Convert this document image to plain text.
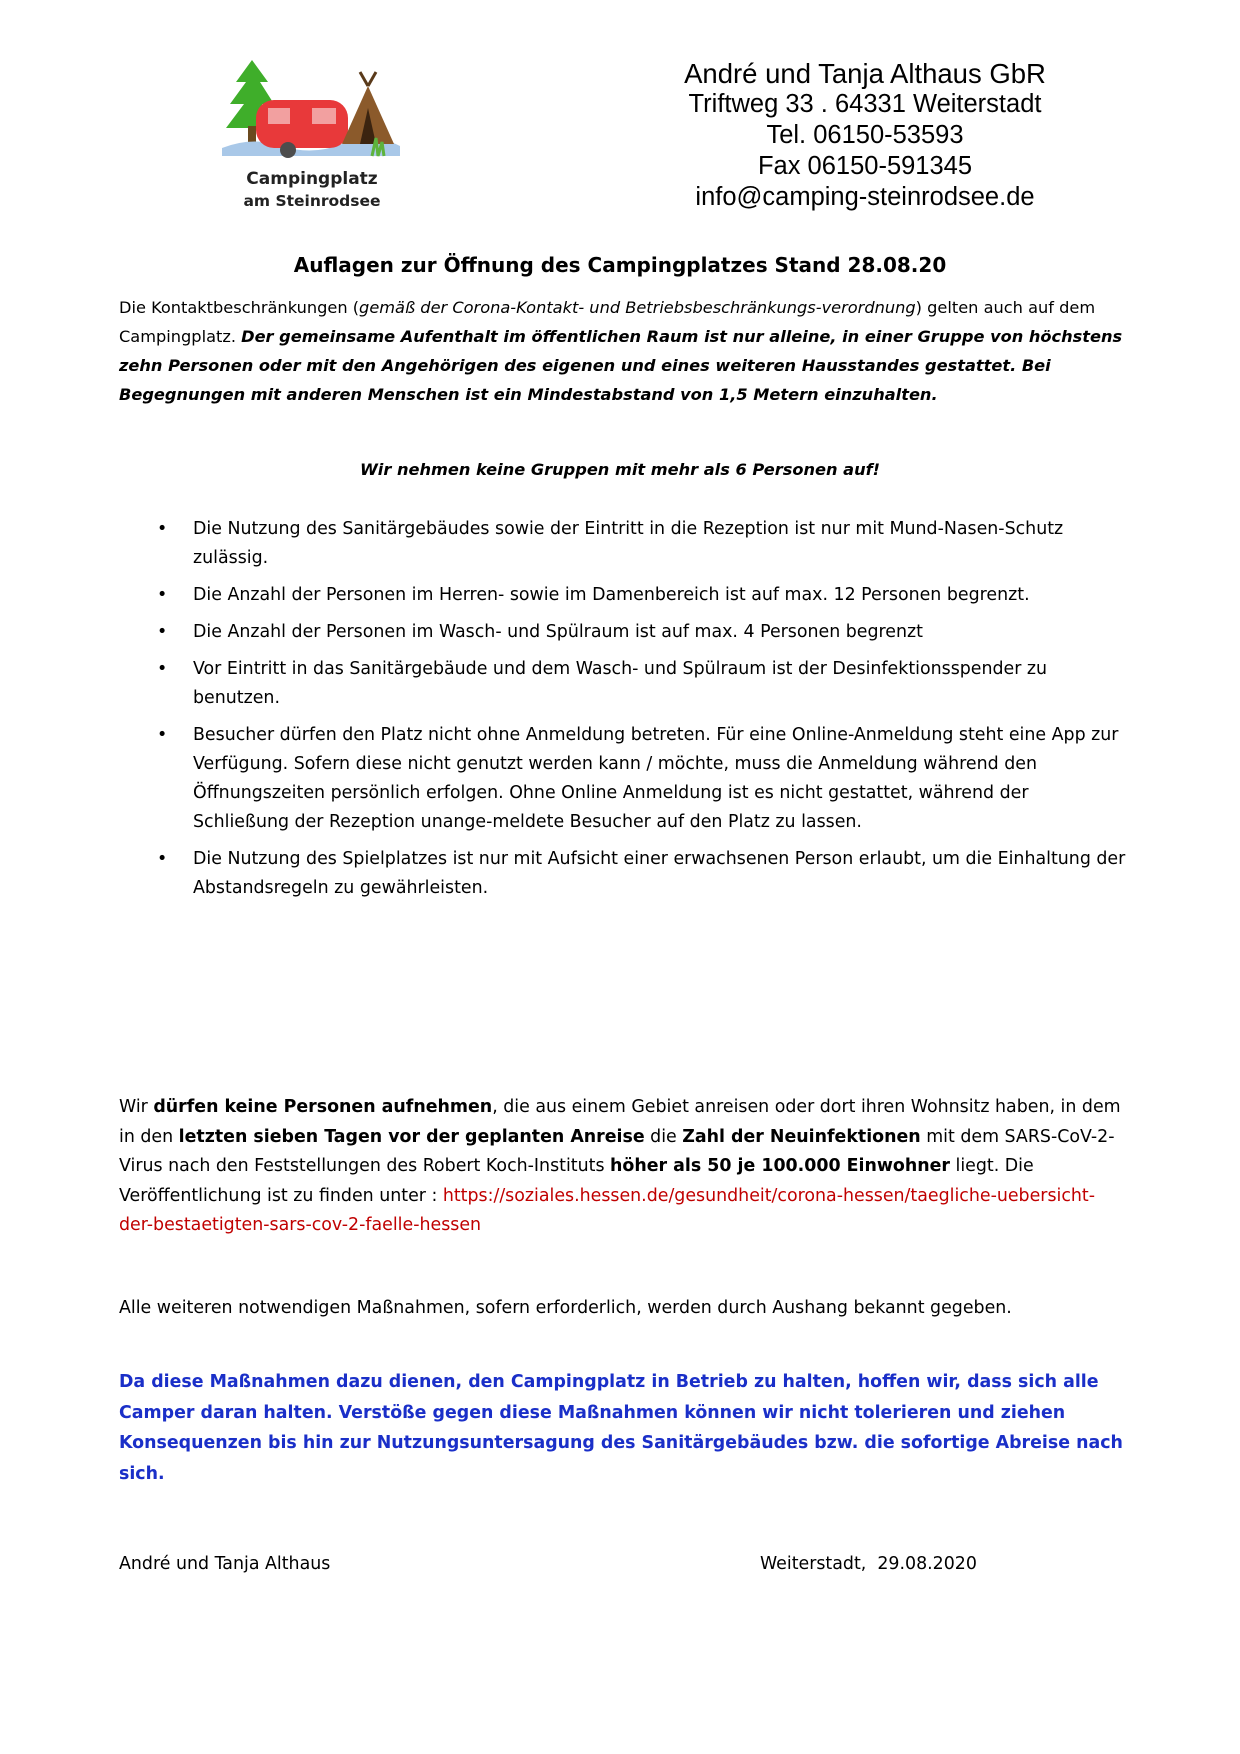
Campingplatz
am Steinrodsee
André und Tanja Althaus GbR
Triftweg 33 . 64331 Weiterstadt
Tel. 06150-53593
Fax 06150-591345
info@camping-steinrodsee.de
Auflagen zur Öffnung des Campingplatzes Stand 28.08.20
Die Kontaktbeschränkungen (gemäß der Corona-Kontakt- und Betriebsbeschränkungs-verordnung) gelten auch auf dem Campingplatz. Der gemeinsame Aufenthalt im öffentlichen Raum ist nur alleine, in einer Gruppe von höchstens zehn Personen oder mit den Angehörigen des eigenen und eines weiteren Hausstandes gestattet. Bei Begegnungen mit anderen Menschen ist ein Mindestabstand von 1,5 Metern einzuhalten.
Wir nehmen keine Gruppen mit mehr als 6 Personen auf!
• Die Nutzung des Sanitärgebäudes sowie der Eintritt in die Rezeption ist nur mit Mund-Nasen-Schutz zulässig.
• Die Anzahl der Personen im Herren- sowie im Damenbereich ist auf max. 12 Personen begrenzt.
• Die Anzahl der Personen im Wasch- und Spülraum ist auf max. 4 Personen begrenzt
• Vor Eintritt in das Sanitärgebäude und dem Wasch- und Spülraum ist der Desinfektionsspender zu benutzen.
• Besucher dürfen den Platz nicht ohne Anmeldung betreten. Für eine Online-Anmeldung steht eine App zur Verfügung. Sofern diese nicht genutzt werden kann / möchte, muss die Anmeldung während den Öffnungszeiten persönlich erfolgen. Ohne Online Anmeldung ist es nicht gestattet, während der Schließung der Rezeption unange-meldete Besucher auf den Platz zu lassen.
• Die Nutzung des Spielplatzes ist nur mit Aufsicht einer erwachsenen Person erlaubt, um die Einhaltung der Abstandsregeln zu gewährleisten.
Wir dürfen keine Personen aufnehmen, die aus einem Gebiet anreisen oder dort ihren Wohnsitz haben, in dem in den letzten sieben Tagen vor der geplanten Anreise die Zahl der Neuinfektionen mit dem SARS-CoV-2-Virus nach den Feststellungen des Robert Koch-Instituts höher als 50 je 100.000 Einwohner liegt. Die Veröffentlichung ist zu finden unter : https://soziales.hessen.de/gesundheit/corona-hessen/taegliche-uebersicht-der-bestaetigten-sars-cov-2-faelle-hessen
Alle weiteren notwendigen Maßnahmen, sofern erforderlich, werden durch Aushang bekannt gegeben.
Da diese Maßnahmen dazu dienen, den Campingplatz in Betrieb zu halten, hoffen wir, dass sich alle Camper daran halten. Verstöße gegen diese Maßnahmen können wir nicht tolerieren und ziehen Konsequenzen bis hin zur Nutzungsuntersagung des Sanitärgebäudes bzw. die sofortige Abreise nach sich.
André und Tanja Althaus	Weiterstadt,  29.08.2020
